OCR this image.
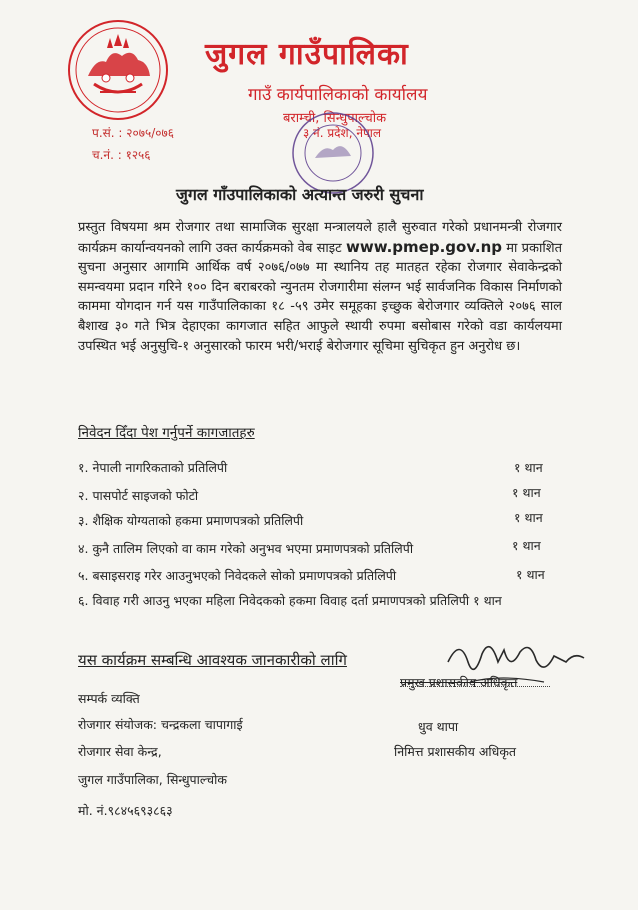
जुगल गाउँपालिका
गाउँ कार्यपालिकाको कार्यालय
बराम्ची, सिन्धुपाल्चोक
३ नं. प्रदेश, नेपाल
प.सं. : २०७५/०७६
च.नं. : १२५६
जुगल गाँउपालिकाको अत्यान्त जरुरी सुचना
प्रस्तुत विषयमा श्रम रोजगार तथा सामाजिक सुरक्षा मन्त्रालयले हालै सुरुवात गरेको प्रधानमन्त्री रोजगार कार्यक्रम कार्यान्वयनको लागि उक्त कार्यक्रमको वेब साइट www.pmep.gov.np मा प्रकाशित सुचना अनुसार आगामि आर्थिक वर्ष २०७६/०७७ मा स्थानिय तह मातहत रहेका रोजगार सेवाकेन्द्रको समन्वयमा प्रदान गरिने १०० दिन बराबरको न्युनतम रोजगारीमा संलग्न भई सार्वजनिक विकास निर्माणको काममा योगदान गर्न यस गाउँपालिकाका १८ -५९ उमेर समूहका इच्छुक बेरोजगार व्यक्तिले २०७६ साल बैशाख ३० गते भित्र देहाएका कागजात सहित आफुले स्थायी रुपमा बसोबास गरेको वडा कार्यलयमा उपस्थित भई अनुसुचि-१ अनुसारको फारम भरी/भराई बेरोजगार सूचिमा सुचिकृत हुन अनुरोध छ।
निवेदन दिँदा पेश गर्नुपर्ने कागजातहरु
१. नेपाली नागरिकताको प्रतिलिपी	१ थान
२. पासपोर्ट साइजको फोटो	१ थान
३. शैक्षिक योग्यताको हकमा प्रमाणपत्रको प्रतिलिपी	१ थान
४. कुनै तालिम लिएको वा काम गरेको अनुभव भएमा प्रमाणपत्रको प्रतिलिपी	१ थान
५. बसाइसराइ गरेर आउनुभएको निवेदकले सोको प्रमाणपत्रको प्रतिलिपी	१ थान
६. विवाह गरी आउनु भएका महिला निवेदकको हकमा विवाह दर्ता प्रमाणपत्रको प्रतिलिपी १ थान
यस कार्यक्रम सम्बन्धि आवश्यक जानकारीको लागि
सम्पर्क व्यक्ति
रोजगार संयोजक: चन्द्रकला चापागाई
रोजगार सेवा केन्द्र,
जुगल गाउँपालिका, सिन्धुपाल्चोक
मो. नं.९८४५६९३८६३
प्रमुख प्रशासकीय अधिकृत
धुव थापा
निमित्त प्रशासकीय अधिकृत
